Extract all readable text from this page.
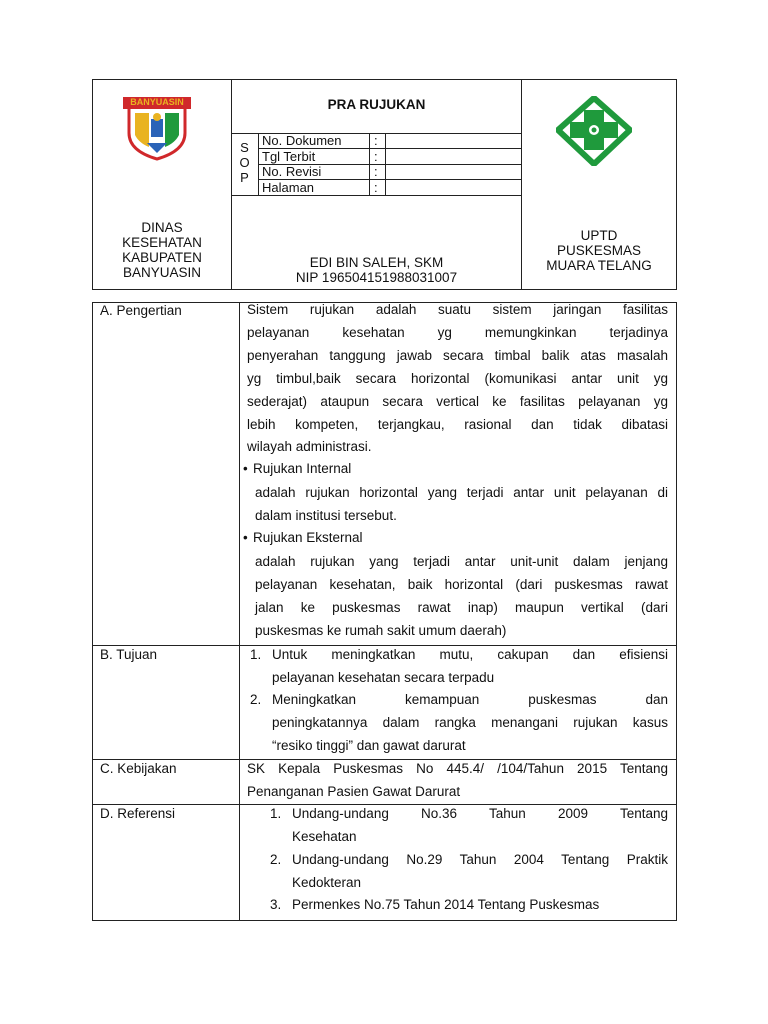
BANYUASIN
DINAS
KESEHATAN
KABUPATEN
BANYUASIN
PRA RUJUKAN
S
O
P
No. Dokumen	:
Tgl Terbit	:
No. Revisi	:
Halaman	:
EDI BIN SALEH, SKM
NIP 196504151988031007
UPTD
PUSKESMAS
MUARA TELANG
A. Pengertian	Sistem rujukan adalah suatu sistem jaringan fasilitas
pelayanan kesehatan yg memungkinkan terjadinya
penyerahan tanggung jawab secara timbal balik atas masalah
yg timbul,baik secara horizontal (komunikasi antar unit yg
sederajat) ataupun secara vertical ke fasilitas pelayanan yg
lebih kompeten, terjangkau, rasional dan tidak dibatasi
wilayah administrasi.
• Rujukan Internal
adalah rujukan horizontal yang terjadi antar unit pelayanan di
dalam institusi tersebut.
• Rujukan Eksternal
adalah rujukan yang terjadi antar unit-unit dalam jenjang
pelayanan kesehatan, baik horizontal (dari puskesmas rawat
jalan ke puskesmas rawat inap) maupun vertikal (dari
puskesmas ke rumah sakit umum daerah)
B. Tujuan	1. Untuk meningkatkan mutu, cakupan dan efisiensi
pelayanan kesehatan secara terpadu
2. Meningkatkan kemampuan puskesmas dan
peningkatannya dalam rangka menangani rujukan kasus
“resiko tinggi” dan gawat darurat
C. Kebijakan	SK Kepala Puskesmas No 445.4/ /104/Tahun 2015 Tentang
Penanganan Pasien Gawat Darurat
D. Referensi	1. Undang-undang No.36 Tahun 2009 Tentang
Kesehatan
2. Undang-undang No.29 Tahun 2004 Tentang Praktik
Kedokteran
3. Permenkes No.75 Tahun 2014 Tentang Puskesmas
